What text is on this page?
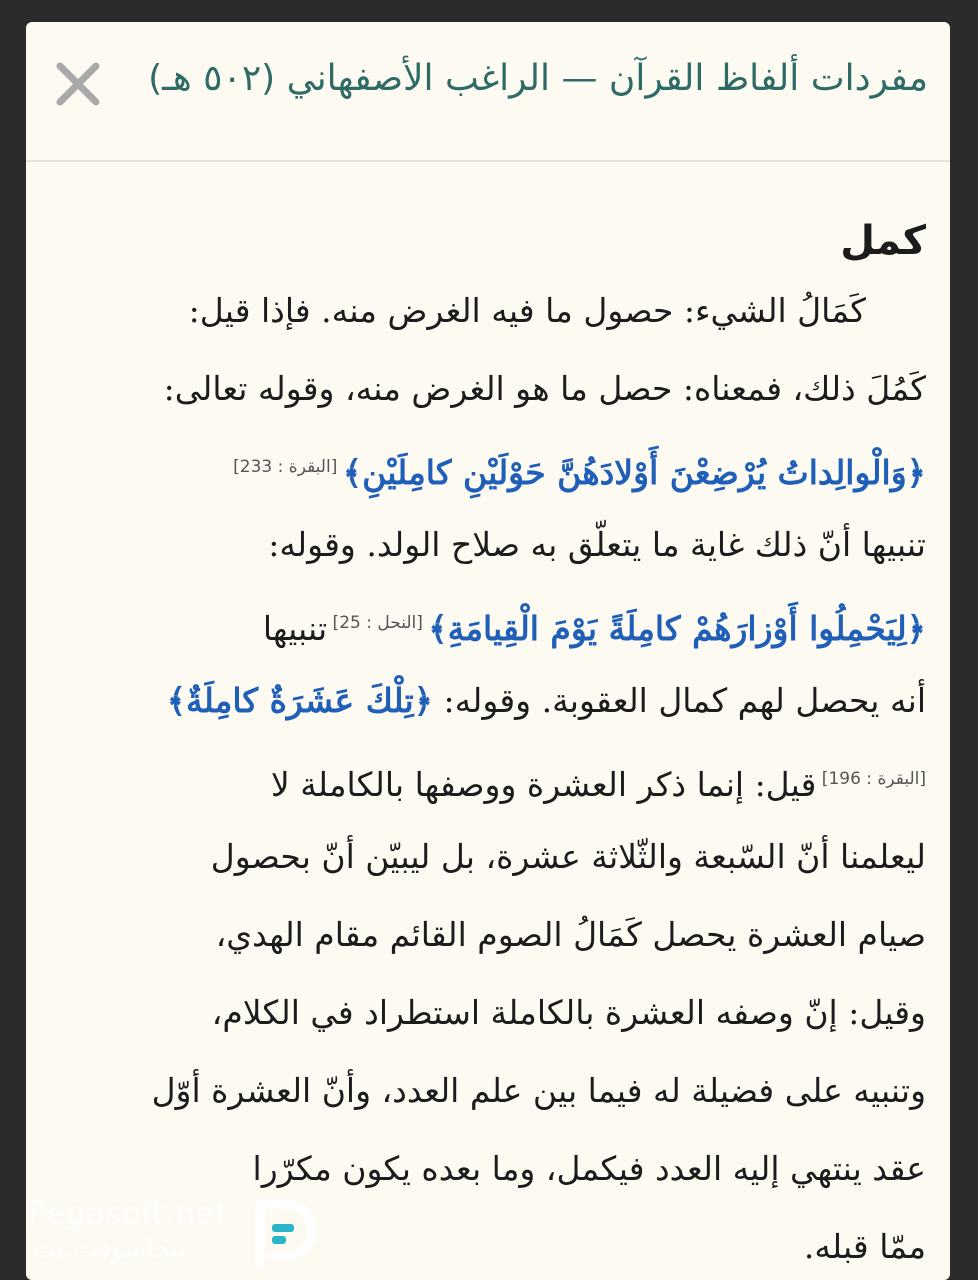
مفردات ألفاظ القرآن — الراغب الأصفهاني (٥٠٢ هـ)
كمل
كَمَالُ الشيء: حصول ما فيه الغرض منه. فإذا قيل:
كَمُلَ ذلك، فمعناه: حصل ما هو الغرض منه، وقوله تعالى:
﴿وَالْوالِداتُ يُرْضِعْنَ أَوْلادَهُنَّ حَوْلَيْنِ كامِلَيْنِ﴾ [البقرة : 233]
تنبيها أنّ ذلك غاية ما يتعلّق به صلاح الولد. وقوله:
﴿لِيَحْمِلُوا أَوْزارَهُمْ كامِلَةً يَوْمَ الْقِيامَةِ﴾ [النحل : 25] تنبيها
أنه يحصل لهم كمال العقوبة. وقوله: ﴿تِلْكَ عَشَرَةٌ كامِلَةٌ﴾
[البقرة : 196] قيل: إنما ذكر العشرة ووصفها بالكاملة لا
ليعلمنا أنّ السّبعة والثّلاثة عشرة، بل ليبيّن أنّ بحصول
صيام العشرة يحصل كَمَالُ الصوم القائم مقام الهدي،
وقيل: إنّ وصفه العشرة بالكاملة استطراد في الكلام،
وتنبيه على فضيلة له فيما بين علم العدد، وأنّ العشرة أوّل
عقد ينتهي إليه العدد فيكمل، وما بعده يكون مكرّرا
ممّا قبله.
Pegasoft.net
بيجاسوفت.نت
